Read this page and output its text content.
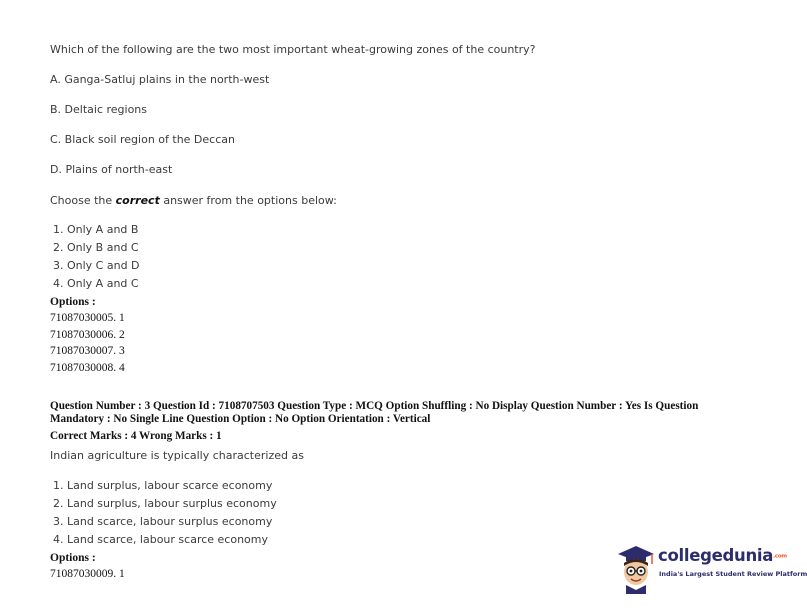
Which of the following are the two most important wheat-growing zones of the country?
A. Ganga-Satluj plains in the north-west
B. Deltaic regions
C. Black soil region of the Deccan
D. Plains of north-east
Choose the correct answer from the options below:
1. Only A and B
2. Only B and C
3. Only C and D
4. Only A and C
Options :
71087030005. 1
71087030006. 2
71087030007. 3
71087030008. 4
Question Number : 3 Question Id : 7108707503 Question Type : MCQ Option Shuffling : No Display Question Number : Yes Is Question
Mandatory : No Single Line Question Option : No Option Orientation : Vertical
Correct Marks : 4 Wrong Marks : 1
Indian agriculture is typically characterized as
1. Land surplus, labour scarce economy
2. Land surplus, labour surplus economy
3. Land scarce, labour surplus economy
4. Land scarce, labour scarce economy
Options :
71087030009. 1
collegedunia.com
India's Largest Student Review Platform
